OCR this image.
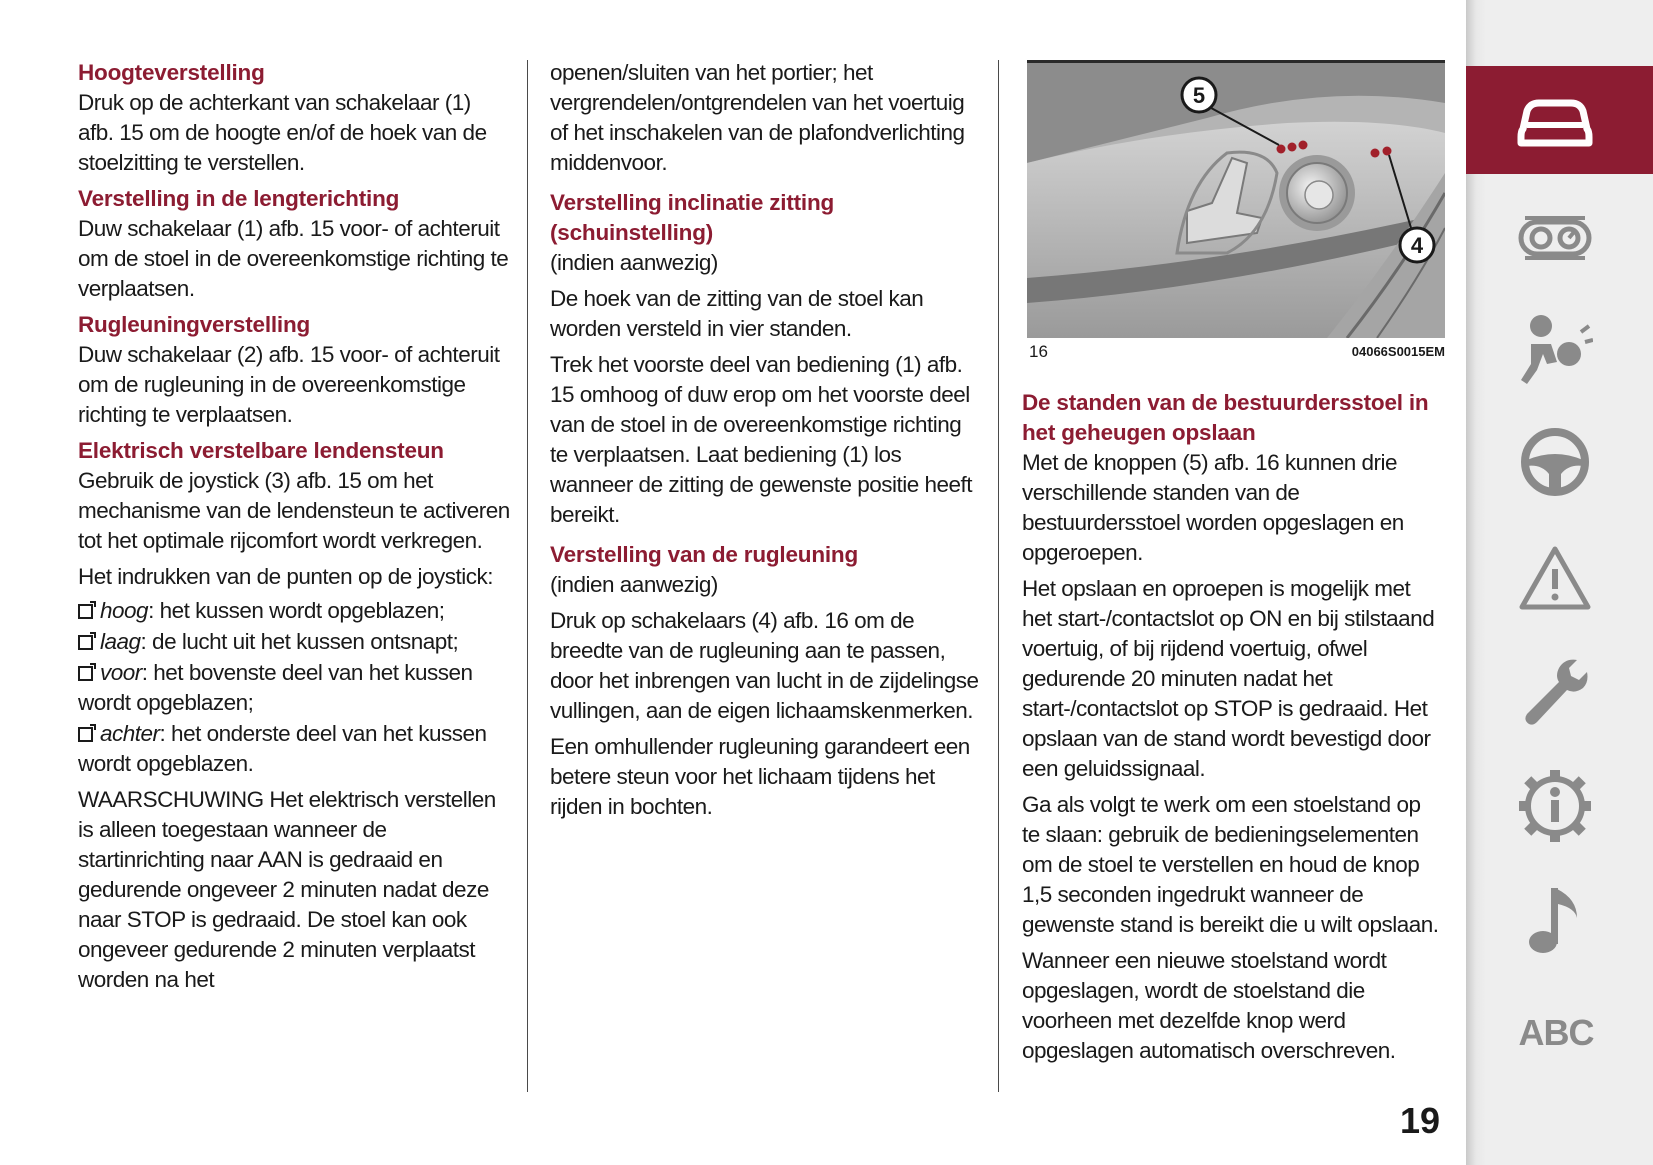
Hoogteverstelling

Druk op de achterkant van schakelaar (1) afb. 15 om de hoogte en/of de hoek van de stoelzitting te verstellen.

Verstelling in de lengterichting

Duw schakelaar (1) afb. 15 voor- of achteruit om de stoel in de overeenkomstige richting te verplaatsen.

Rugleuningverstelling

Duw schakelaar (2) afb. 15 voor- of achteruit om de rugleuning in de overeenkomstige richting te verplaatsen.

Elektrisch verstelbare lendensteun

Gebruik de joystick (3) afb. 15 om het mechanisme van de lendensteun te activeren tot het optimale rijcomfort wordt verkregen.

Het indrukken van de punten op de joystick:

hoog: het kussen wordt opgeblazen;

laag: de lucht uit het kussen ontsnapt;

voor: het bovenste deel van het kussen wordt opgeblazen;

achter: het onderste deel van het kussen wordt opgeblazen.

WAARSCHUWING Het elektrisch verstellen is alleen toegestaan wanneer de startinrichting naar AAN is gedraaid en gedurende ongeveer 2 minuten nadat deze naar STOP is gedraaid. De stoel kan ook ongeveer gedurende 2 minuten verplaatst worden na het

openen/sluiten van het portier; het vergrendelen/ontgrendelen van het voertuig of het inschakelen van de plafondverlichting middenvoor.

Verstelling inclinatie zitting (schuinstelling)

(indien aanwezig)

De hoek van de zitting van de stoel kan worden versteld in vier standen.

Trek het voorste deel van bediening (1) afb. 15 omhoog of duw erop om het voorste deel van de stoel in de overeenkomstige richting te verplaatsen. Laat bediening (1) los wanneer de zitting de gewenste positie heeft bereikt.

Verstelling van de rugleuning

(indien aanwezig)

Druk op schakelaars (4) afb. 16 om de breedte van de rugleuning aan te passen, door het inbrengen van lucht in de zijdelingse vullingen, aan de eigen lichaamskenmerken.

Een omhullender rugleuning garandeert een betere steun voor het lichaam tijdens het rijden in bochten.

5
4
16	04066S0015EM
De standen van de bestuurdersstoel in het geheugen opslaan

Met de knoppen (5) afb. 16 kunnen drie verschillende standen van de bestuurdersstoel worden opgeslagen en opgeroepen.

Het opslaan en oproepen is mogelijk met het start-/contactslot op ON en bij stilstaand voertuig, of bij rijdend voertuig, ofwel gedurende 20 minuten nadat het start-/contactslot op STOP is gedraaid. Het opslaan van de stand wordt bevestigd door een geluidssignaal.

Ga als volgt te werk om een stoelstand op te slaan: gebruik de bedieningselementen om de stoel te verstellen en houd de knop 1,5 seconden ingedrukt wanneer de gewenste stand is bereikt die u wilt opslaan.

Wanneer een nieuwe stoelstand wordt opgeslagen, wordt de stoelstand die voorheen met dezelfde knop werd opgeslagen automatisch overschreven.

19
ABC
